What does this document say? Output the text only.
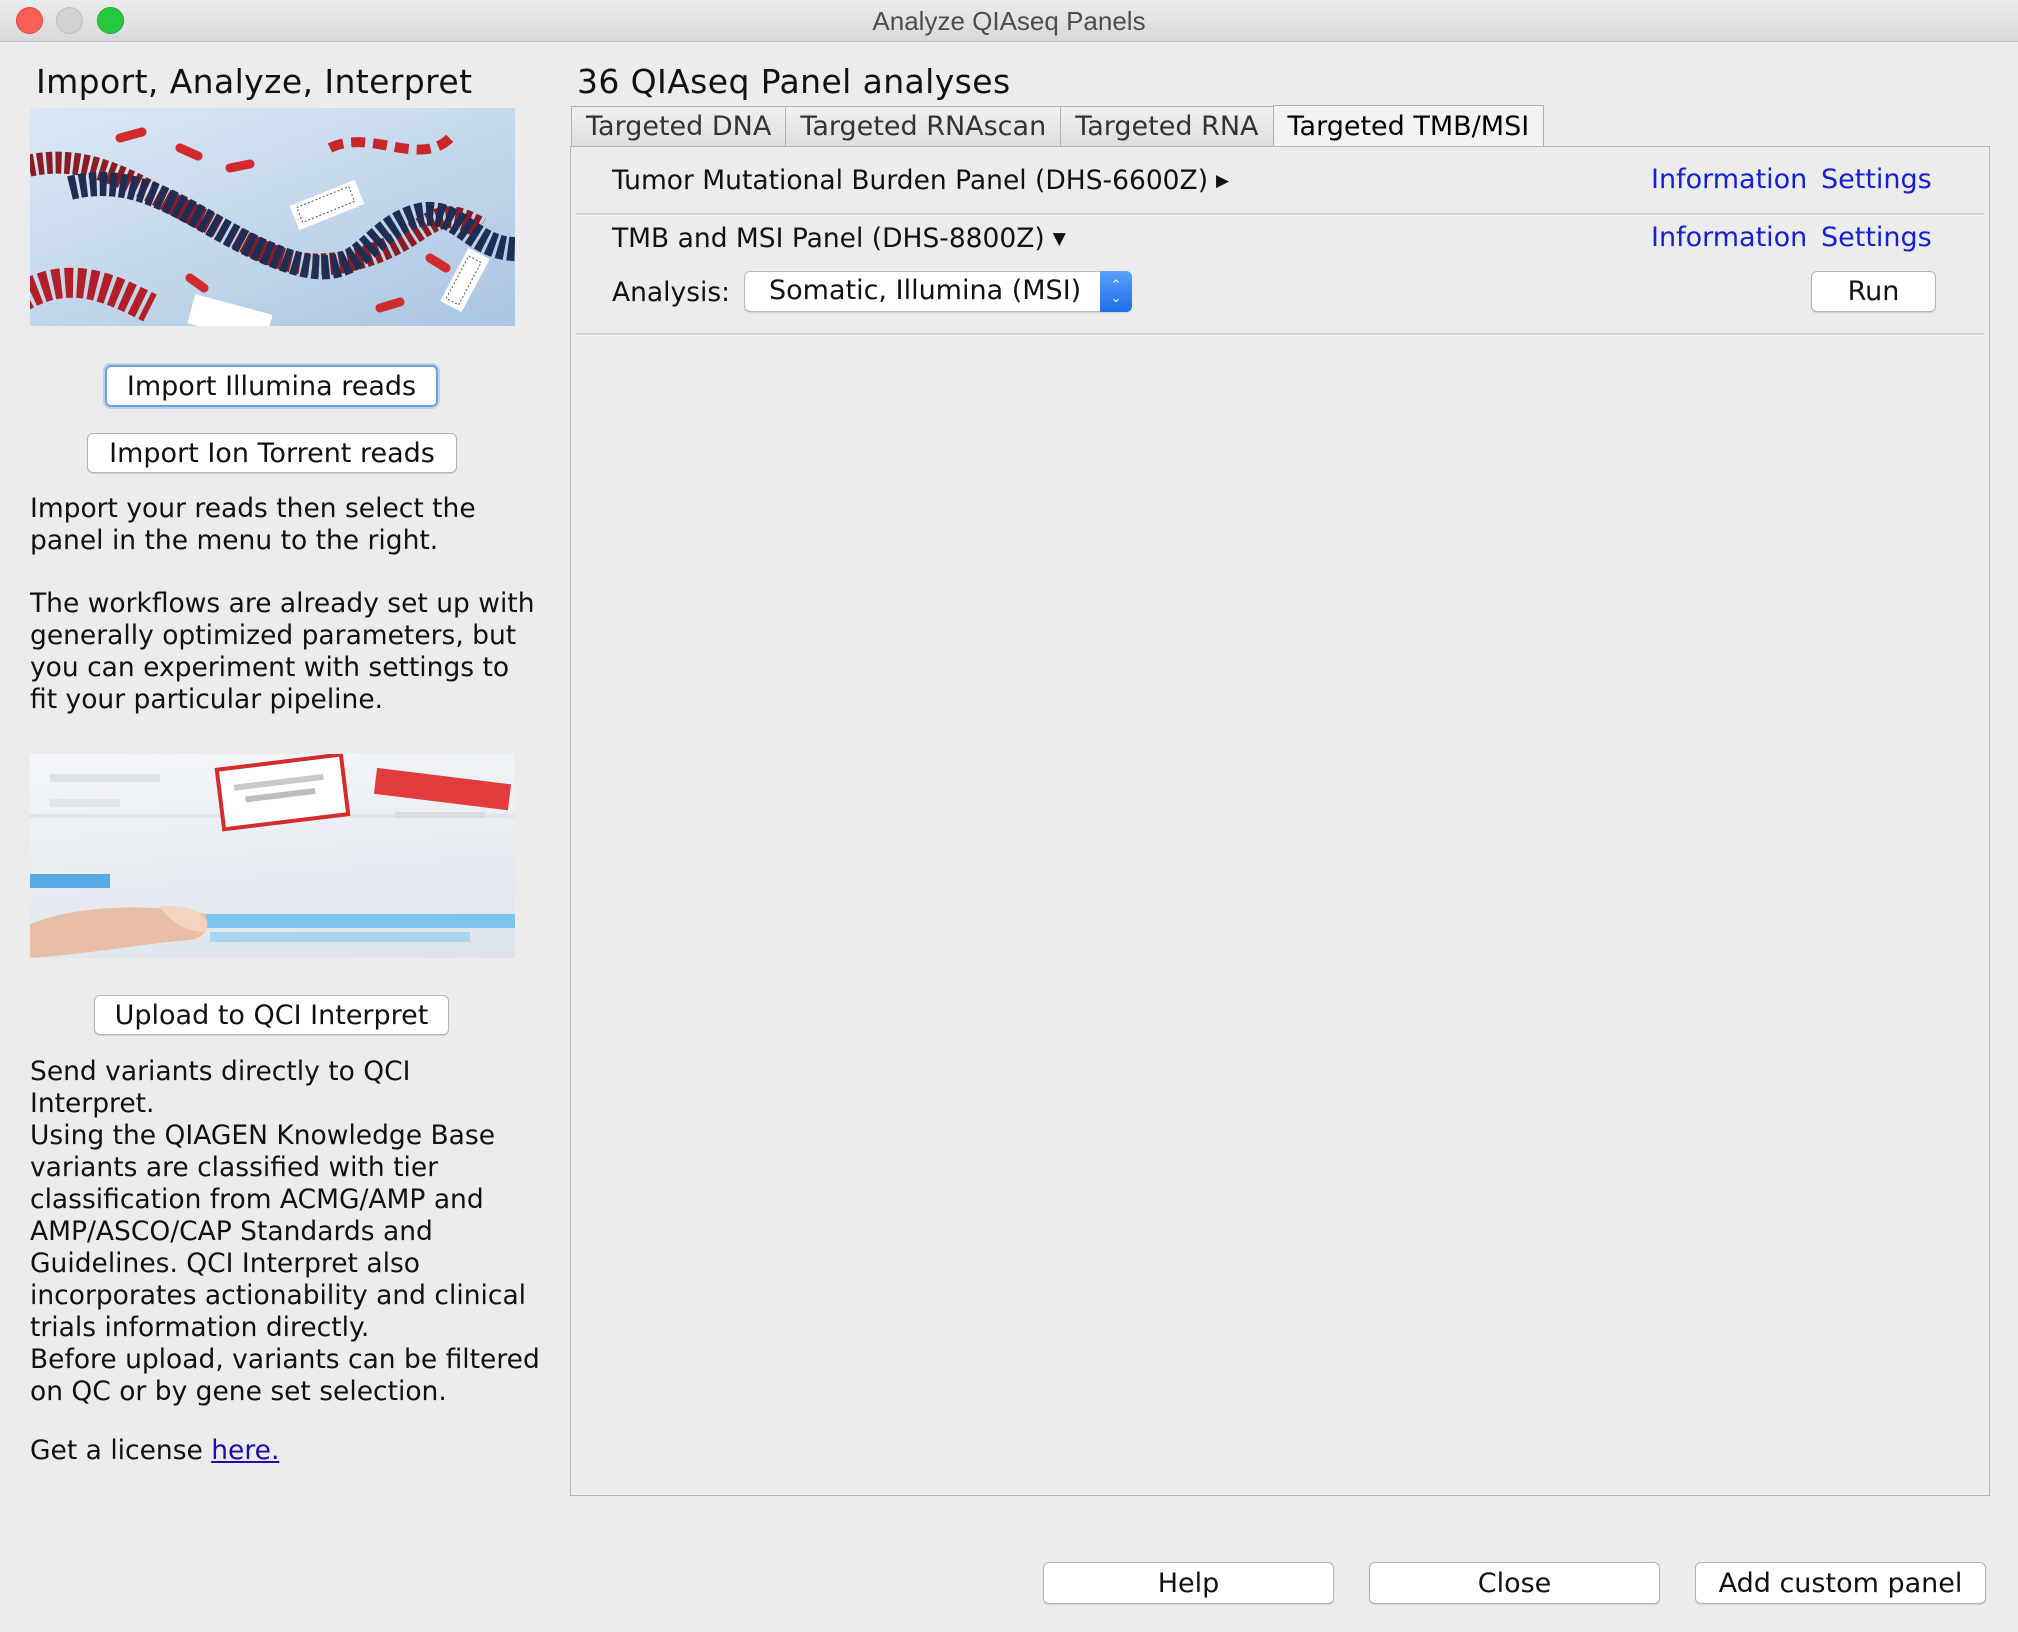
Analyze QIAseq Panels
Import, Analyze, Interpret
Import Illumina reads
Import Ion Torrent reads
Import your reads then select the
panel in the menu to the right.
The workflows are already set up with
generally optimized parameters, but
you can experiment with settings to
fit your particular pipeline.
Upload to QCI Interpret
Send variants directly to QCI Interpret.
Using the QIAGEN Knowledge Base
variants are classified with tier
classification from ACMG/AMP and
AMP/ASCO/CAP Standards and
Guidelines. QCI Interpret also
incorporates actionability and clinical
trials information directly.
Before upload, variants can be filtered
on QC or by gene set selection.
Get a license here.
36 QIAseq Panel analyses
Targeted DNA	Targeted RNAscan	Targeted RNA	Targeted TMB/MSI
Tumor Mutational Burden Panel (DHS-6600Z) ▶	Information Settings
TMB and MSI Panel (DHS-8800Z) ▼	Information Settings
Analysis: Somatic, Illumina (MSI) ⌃
⌄	Run
Help	Close	Add custom panel
